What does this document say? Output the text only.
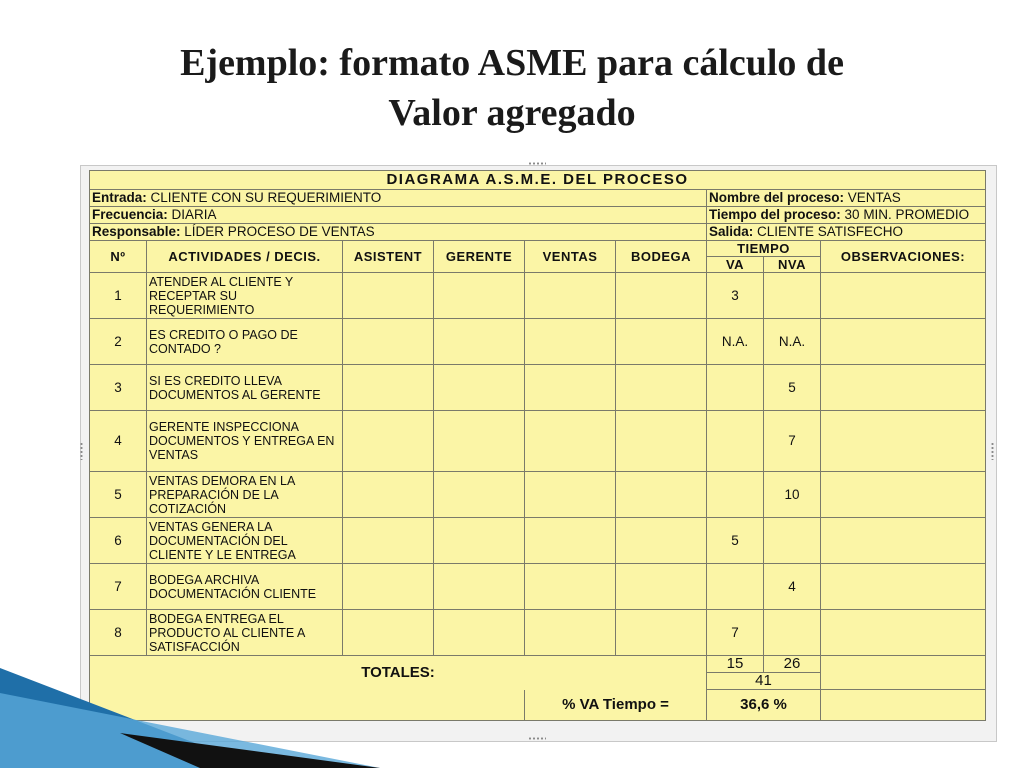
Ejemplo: formato ASME para cálculo de
Valor agregado
DIAGRAMA A.S.M.E. DEL PROCESO								
Entrada: CLIENTE CON SU REQUERIMIENTO						Nombre del proceso: VENTAS		
Frecuencia: DIARIA						Tiempo del proceso: 30 MIN. PROMEDIO		
Responsable: LÍDER PROCESO DE VENTAS						Salida: CLIENTE SATISFECHO		
Nº	ACTIVIDADES / DECIS.	ASISTENT	GERENTE	VENTAS	BODEGA	TIEMPO		OBSERVACIONES:
						VA	NVA	
1	ATENDER AL CLIENTE Y RECEPTAR SU REQUERIMIENTO					3		
2	ES CREDITO O PAGO DE CONTADO ?					N.A.	N.A.	
3	SI ES CREDITO LLEVA DOCUMENTOS AL GERENTE						5	
4	GERENTE INSPECCIONA DOCUMENTOS Y ENTREGA EN VENTAS						7	
5	VENTAS DEMORA EN LA PREPARACIÓN DE LA COTIZACIÓN						10	
6	VENTAS GENERA LA DOCUMENTACIÓN DEL CLIENTE Y LE ENTREGA					5		
7	BODEGA ARCHIVA DOCUMENTACIÓN CLIENTE						4	
8	BODEGA ENTREGA EL PRODUCTO AL CLIENTE A SATISFACCIÓN					7		
TOTALES:						15	26	
						41		
				% VA Tiempo =		36,6 %		
